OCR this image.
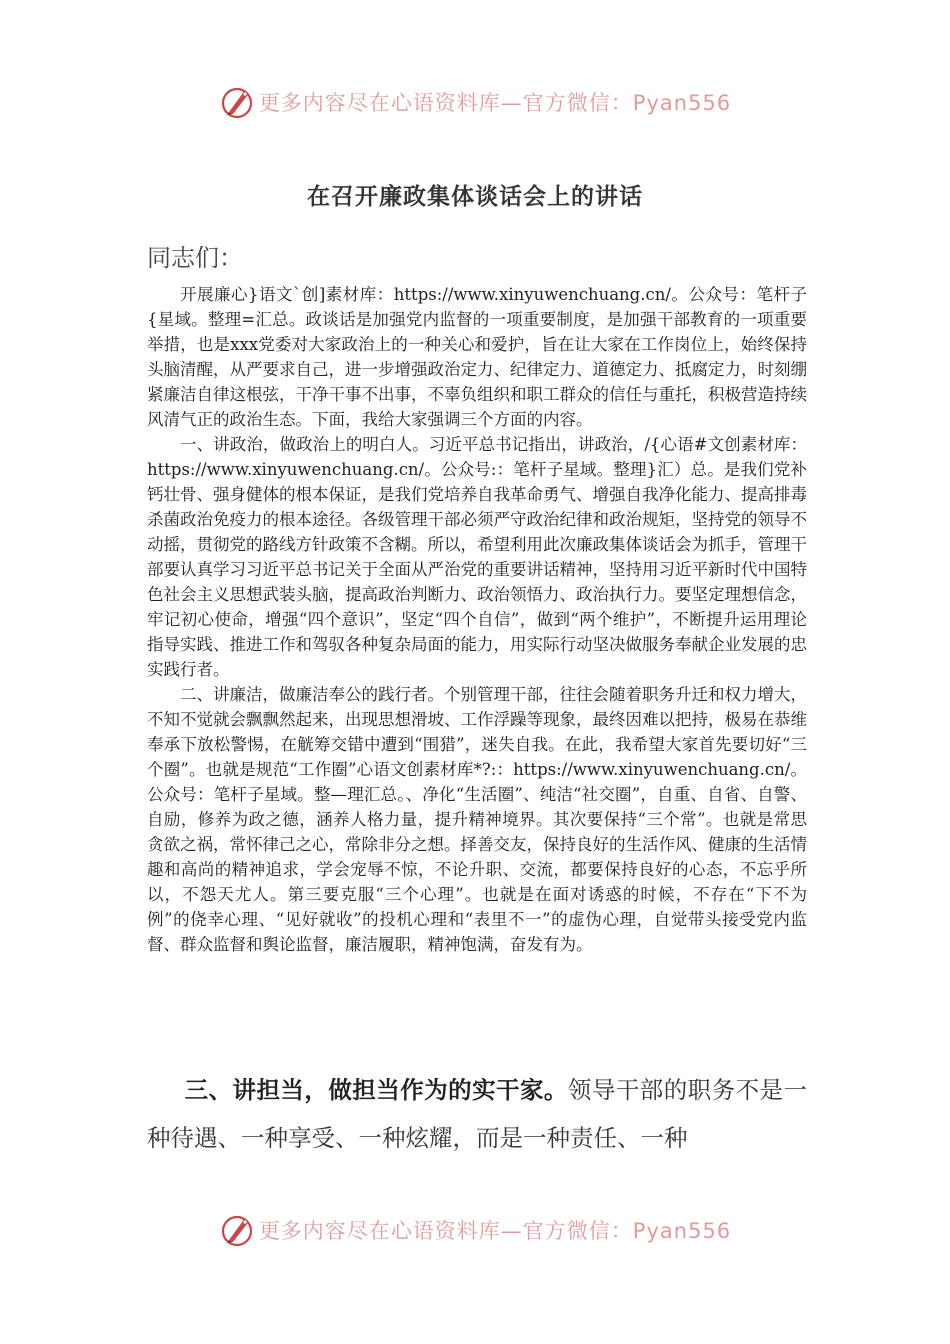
更多内容尽在心语资料库—官方微信：Pyan556
在召开廉政集体谈话会上的讲话

同志们：

开展廉心}语文`创]素材库：https://www.xinyuwenchuang.cn/。公众号：笔杆子{星域。整理=汇总。政谈话是加强党内监督的一项重要制度，是加强干部教育的一项重要举措，也是xxx党委对大家政治上的一种关心和爱护，旨在让大家在工作岗位上，始终保持头脑清醒，从严要求自己，进一步增强政治定力、纪律定力、道德定力、抵腐定力，时刻绷紧廉洁自律这根弦，干净干事不出事，不辜负组织和职工群众的信任与重托，积极营造持续风清气正的政治生态。下面，我给大家强调三个方面的内容。

一、讲政治，做政治上的明白人。习近平总书记指出，讲政治，/{心语#文创素材库：https://www.xinyuwenchuang.cn/。公众号:：笔杆子星域。整理}汇）总。是我们党补钙壮骨、强身健体的根本保证，是我们党培养自我革命勇气、增强自我净化能力、提高排毒杀菌政治免疫力的根本途径。各级管理干部必须严守政治纪律和政治规矩，坚持党的领导不动摇，贯彻党的路线方针政策不含糊。所以，希望利用此次廉政集体谈话会为抓手，管理干部要认真学习习近平总书记关于全面从严治党的重要讲话精神，坚持用习近平新时代中国特色社会主义思想武装头脑，提高政治判断力、政治领悟力、政治执行力。要坚定理想信念，牢记初心使命，增强“四个意识”，坚定“四个自信”，做到“两个维护”，不断提升运用理论指导实践、推进工作和驾驭各种复杂局面的能力，用实际行动坚决做服务奉献企业发展的忠实践行者。

二、讲廉洁，做廉洁奉公的践行者。个别管理干部，往往会随着职务升迁和权力增大，不知不觉就会飘飘然起来，出现思想滑坡、工作浮躁等现象，最终因难以把持，极易在恭维奉承下放松警惕，在觥筹交错中遭到“围猎”，迷失自我。在此，我希望大家首先要切好“三个圈”。也就是规范“工作圈”心语文创素材库*?:：https://www.xinyuwenchuang.cn/。公众号：笔杆子星域。整—理汇总。、净化“生活圈”、纯洁“社交圈”，自重、自省、自警、自励，修养为政之德，涵养人格力量，提升精神境界。其次要保持“三个常”。也就是常思贪欲之祸，常怀律己之心，常除非分之想。择善交友，保持良好的生活作风、健康的生活情趣和高尚的精神追求，学会宠辱不惊，不论升职、交流，都要保持良好的心态，不忘乎所以，不怨天尤人。第三要克服“三个心理”。也就是在面对诱惑的时候，不存在“下不为例”的侥幸心理、“见好就收”的投机心理和“表里不一”的虚伪心理，自觉带头接受党内监督、群众监督和舆论监督，廉洁履职，精神饱满，奋发有为。

三、讲担当，做担当作为的实干家。领导干部的职务不是一种待遇、一种享受、一种炫耀，而是一种责任、一种

更多内容尽在心语资料库—官方微信：Pyan556
